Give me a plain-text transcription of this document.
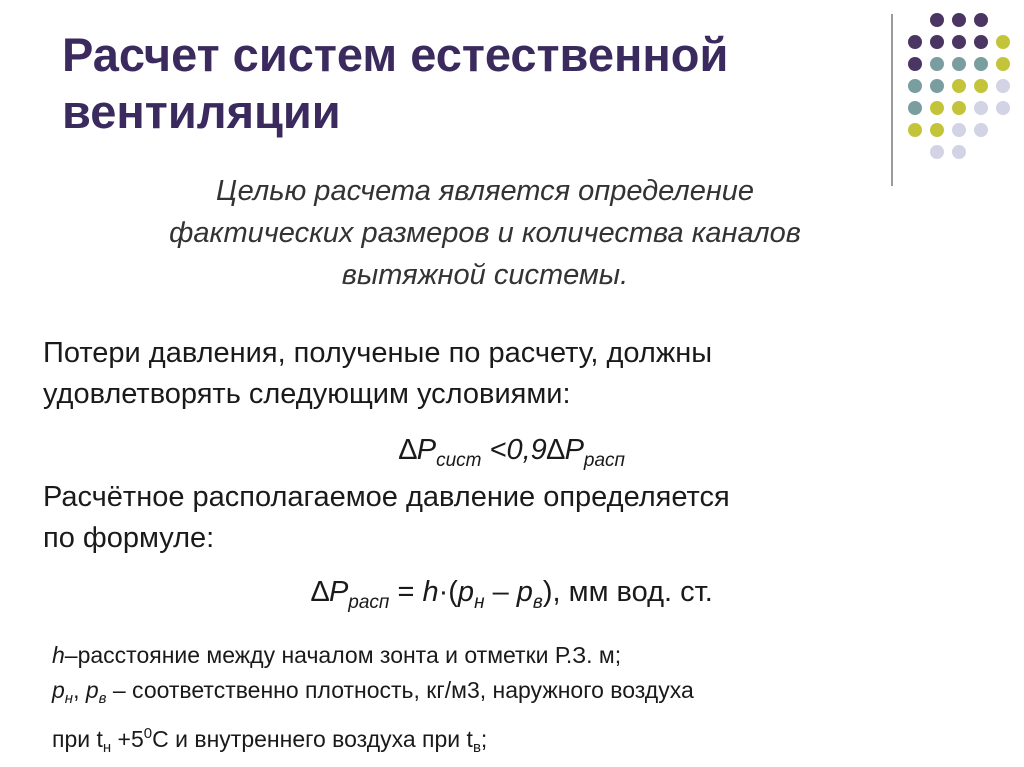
Расчет систем естественной
вентиляции

Целью расчета является определение
фактических размеров и количества каналов
вытяжной системы.

Потери давления, полученые по расчету, должны
удовлетворять следующим условиями:

$\Delta P_{сист} <0,9\Delta P_{расп}$

Расчётное располагаемое давление определяется
по формуле:

$\Delta P_{расп} = h\cdot(р_н - р_в)$, мм вод. ст.
h–расстояние между началом зонта и отметки Р.З. м;
$р_н$, $р_в$ – соответственно плотность, кг/м3, наружного воздуха
при $t_н +5^0С$ и внутреннего воздуха при $t_в$;
